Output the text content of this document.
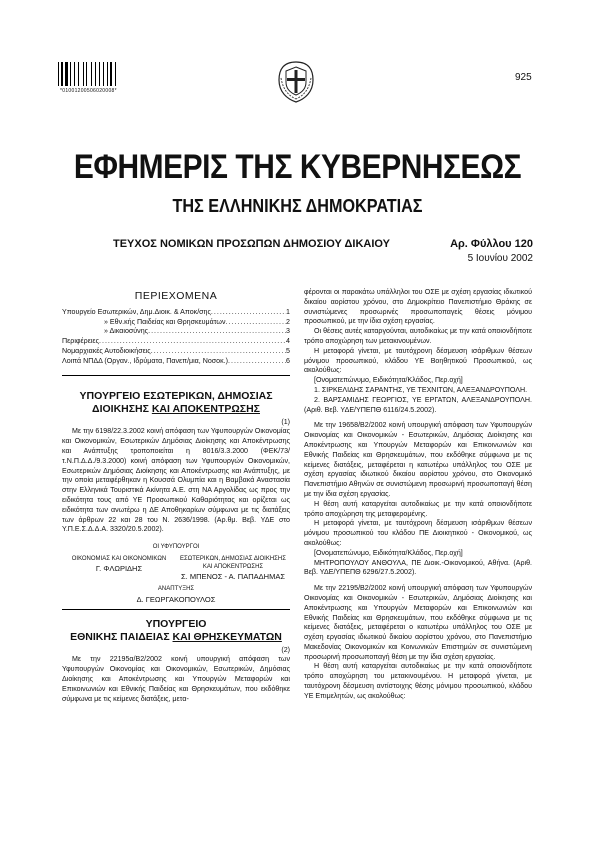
*01001200506020008*
925
ΕΦΗΜΕΡΙΣ ΤΗΣ ΚΥΒΕΡΝΗΣΕΩΣ
ΤΗΣ ΕΛΛΗΝΙΚΗΣ ΔΗΜΟΚΡΑΤΙΑΣ
ΤΕΥΧΟΣ ΝΟΜΙΚΩΝ ΠΡΟΣΩΠΩΝ ΔΗΜΟΣΙΟΥ ΔΙΚΑΙΟΥ	Αρ. Φύλλου 120
5 Ιουνίου 2002
ΠΕΡΙΕΧΟΜΕΝΑ
Υπουργείο Εσωτερικών, Δημ.Διοικ. & Αποκ/σης .....	1
» Εθν.κής Παιδείας και Θρησκευμάτων .....	2
» Δικαιοσύνης .....	3
Περιφέρειες .....	4
Νομαρχιακές Αυτοδιοικήσεις .....	5
Λοιπά ΝΠΔΔ (Οργαν., Ιδρύματα, Πανεπ/μια, Νοσοκ.) .....	6
ΥΠΟΥΡΓΕΙΟ ΕΣΩΤΕΡΙΚΩΝ, ΔΗΜΟΣΙΑΣ
ΔΙΟΙΚΗΣΗΣ ΚΑΙ ΑΠΟΚΕΝΤΡΩΣΗΣ
(1)

Με την 6198/22.3.2002 κοινή απόφαση των Υφυπουργών Οικονομίας και Οικονομικών, Εσωτερικών Δημόσιας Διοίκησης και Αποκέντρωσης και Ανάπτυξης τροποποιείται η 8016/3.3.2000 (ΦΕΚ/73/τ.Ν.Π.Δ.Δ./9.3.2000) κοινή απόφαση των Υφυπουργών Οικονομικών, Εσωτερικών Δημόσιας Διοίκησης και Αποκέντρωσης και Ανάπτυξης, με την οποία μεταφέρθηκαν η Κουσσά Ολυμπία και η Βαμβακά Αναστασία στην Ελληνικά Τουριστικά Ακίνητα Α.Ε. στη ΝΑ Αργολίδας ως προς την ειδικότητα τους από ΥΕ Προσωπικού Καθαριότητας και ορίζεται ως ειδικότητα των ανωτέρω η ΔΕ Αποθηκαρίων σύμφωνα με τις διατάξεις των άρθρων 22 και 28 του Ν. 2636/1998. (Αρ.θμ. Βεβ. ΥΔΕ στο Υ.Π.Ε.Σ.Δ.Δ.Α. 3320/20.5.2002).

ΟΙ ΥΦΥΠΟΥΡΓΟΙ
ΟΙΚΟΝΟΜΙΑΣ ΚΑΙ ΟΙΚΟΝΟΜΙΚΩΝ
Γ. ΦΛΩΡΙΔΗΣ
ΕΣΩΤΕΡΙΚΩΝ, ΔΗΜΟΣΙΑΣ ΔΙΟΙΚΗΣΗΣ ΚΑΙ ΑΠΟΚΕΝΤΡΩΣΗΣ
Σ. ΜΠΕΝΟΣ - Α. ΠΑΠΑΔΗΜΑΣ
ΑΝΑΠΤΥΞΗΣ
Δ. ΓΕΩΡΓΑΚΟΠΟΥΛΟΣ
ΥΠΟΥΡΓΕΙΟ
ΕΘΝΙΚΗΣ ΠΑΙΔΕΙΑΣ ΚΑΙ ΘΡΗΣΚΕΥΜΑΤΩΝ
(2)

Με την 22195α/Β2/2002 κοινή υπουργική απόφαση των Υφυπουργών Οικονομίας και Οικονομικών, Εσωτερικών, Δημόσιας Διοίκησης και Αποκέντρωσης και Υπουργών Μεταφορών και Επικοινωνιών και Εθνικής Παιδείας και Θρησκευμάτων, που εκδόθηκε σύμφωνα με τις κείμενες διατάξεις, μετα-

φέρονται οι παρακάτω υπάλληλοι του ΟΣΕ με σχέση εργασίας ιδιωτικού δικαίου αορίστου χρόνου, στο Δημοκρίτειο Πανεπιστήμιο Θράκης σε συνιστώμενες προσωρινές προσωποπαγείς θέσεις μόνιμου προσωπικού, με την ίδια σχέση εργασίας.

Οι θέσεις αυτές καταργούνται, αυτοδικαίως με την κατά οποιονδήποτε τρόπο αποχώρηση των μετακινουμένων.

Η μεταφορά γίνεται, με ταυτόχρονη δέσμευση ισάριθμων θέσεων μόνιμου προσωπικού, κλάδου ΥΕ Βοηθητικού Προσωπικού, ως ακολούθως:

[Ονοματεπώνυμο, Ειδικότητα/Κλάδος, Περ.οχή]

1. ΣΙΡΚΕΛΙΔΗΣ ΣΑΡΑΝΤΗΣ, ΥΕ ΤΕΧΝΙΤΩΝ, ΑΛΕΞΑΝΔΡΟΥΠΟΛΗ.

2. ΒΑΡΣΑΜΙΔΗΣ ΓΕΩΡΓΙΟΣ, ΥΕ ΕΡΓΑΤΩΝ, ΑΛΕΞΑΝΔΡΟΥΠΟΛΗ. (Αριθ. Βεβ. ΥΔΕ/ΥΠΕΠΘ 6116/24.5.2002).

Με την 19658/Β2/2002 κοινή υπουργική απόφαση των Υφυπουργών Οικονομίας και Οικονομικών - Εσωτερικών, Δημόσιας Διοίκησης και Αποκέντρωσης και Υπουργών Μεταφορών και Επικοινωνιών και Εθνικής Παιδείας και Θρησκευμάτων, που εκδόθηκε σύμφωνα με τις κείμενες διατάξεις, μεταφέρεται η κατωτέρω υπάλληλος του ΟΣΕ με σχέση εργασίας ιδιωτικού δικαίου αορίστου χρόνου, στο Οικονομικό Πανεπιστήμιο Αθηνών σε συνιστώμενη προσωρινή προσωποπαγή θέση με την ίδια σχέση εργασίας.

Η θέση αυτή καταργείται αυτοδικαίως με την κατά οποιονδήποτε τρόπο αποχώρηση της μεταφερομένης.

Η μεταφορά γίνεται, με ταυτόχρονη δέσμευση ισάριθμων θέσεων μόνιμου προσωπικού του κλάδου ΠΕ Διοικητικού - Οικονομικού, ως ακολούθως:

[Ονοματεπώνυμο, Ειδικότητα/Κλάδος, Περ.οχή]

ΜΗΤΡΟΠΟΥΛΟΥ ΑΝΘΟΥΛΑ, ΠΕ Διοικ.-Οικονομικού, Αθήνα. (Αριθ. Βεβ. ΥΔΕ/ΥΠΕΠΘ 6296/27.5.2002).

Με την 22195/Β2/2002 κοινή υπουργική απόφαση των Υφυπουργών Οικονομίας και Οικονομικών - Εσωτερικών, Δημόσιας Διοίκησης και Αποκέντρωσης και Υπουργών Μεταφορών και Επικοινωνιών και Εθνικής Παιδείας και Θρησκευμάτων, που εκδόθηκε σύμφωνα με τις κείμενες διατάξεις, μεταφέρεται ο κατωτέρω υπάλληλος του ΟΣΕ με σχέση εργασίας ιδιωτικού δικαίου αορίστου χρόνου, στο Πανεπιστήμιο Μακεδονίας Οικονομικών και Κοινωνικών Επιστημών σε συνιστώμενη προσωρινή προσωποπαγή θέση με την ίδια σχέση εργασίας.

Η θέση αυτή καταργείται αυτοδικαίως με την κατά οποιονδήποτε τρόπο αποχώρηση του μετακινουμένου. Η μεταφορά γίνεται, με ταυτόχρονη δέσμευση αντίστοιχης θέσης μόνιμου προσωπικού, κλάδου ΥΕ Επιμελητών, ως ακολούθως:
